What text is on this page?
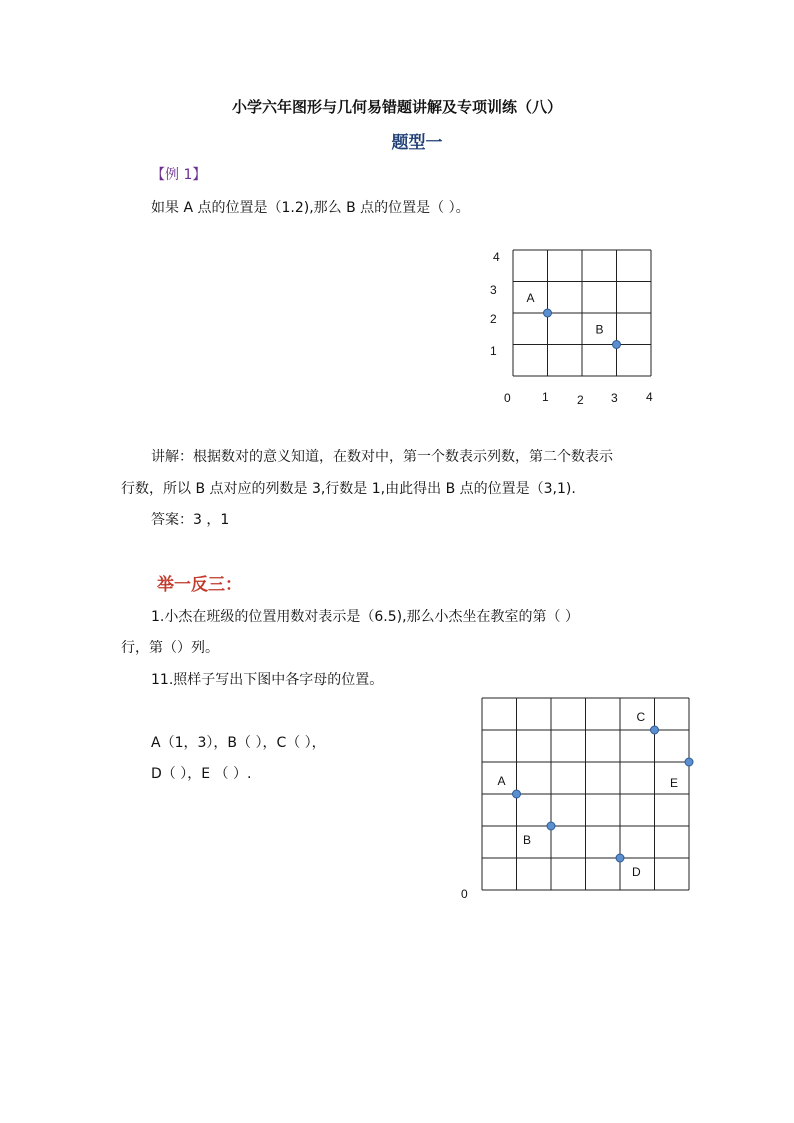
小学六年图形与几何易错题讲解及专项训练（八）
题型一
【例 1】
如果 A 点的位置是（1.2),那么 B 点的位置是（ ）。
4
3
2
1
0	1 2 3 4
A
B
讲解：根据数对的意义知道，在数对中，第一个数表示列数，第二个数表示
行数，所以 B 点对应的列数是 3,行数是 1,由此得出 B 点的位置是（3,1).
答案：3 ，1
举一反三：
1.小杰在班级的位置用数对表示是（6.5),那么小杰坐在教室的第（ ）
行，第（）列。
11.照样子写出下图中各字母的位置。
A（1，3），B（ ），C（ ），
D（ ），E （ ）.
0
A
B
C
D
E
